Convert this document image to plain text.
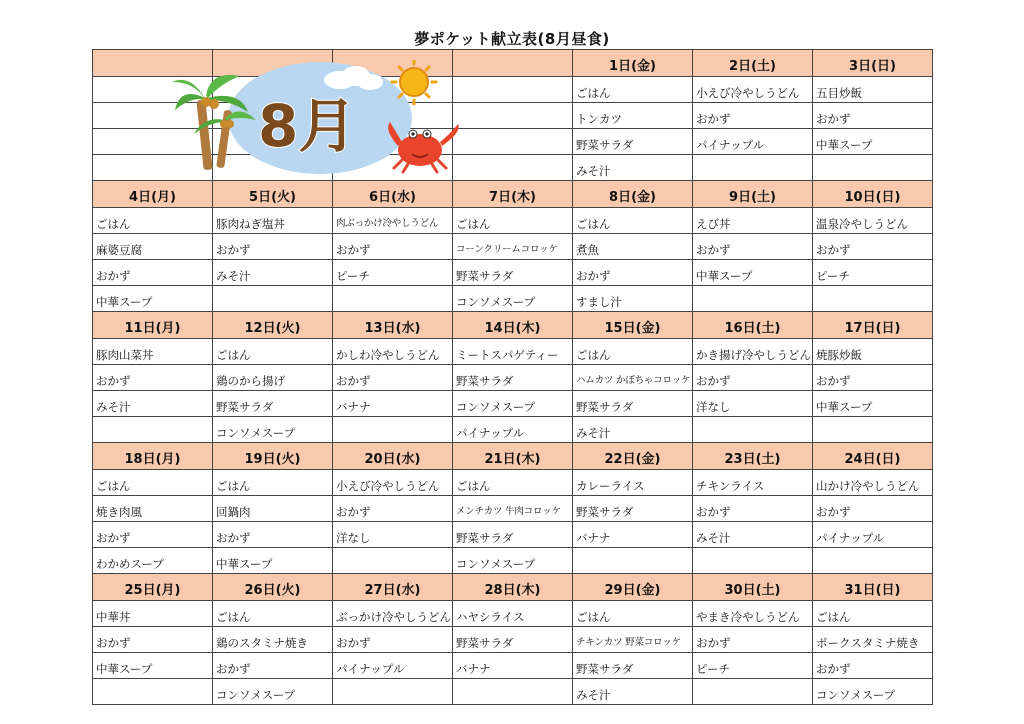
夢ポケット献立表(8月昼食)
				1日(金)	2日(土)	3日(日)
				ごはん	小えび冷やしうどん	五目炒飯
				トンカツ	おかず	おかず
				野菜サラダ	パイナップル	中華スープ
				みそ汁		
4日(月)	5日(火)	6日(水)	7日(木)	8日(金)	9日(土)	10日(日)
ごはん	豚肉ねぎ塩丼	肉ぶっかけ冷やしうどん	ごはん	ごはん	えび丼	温泉冷やしうどん
麻婆豆腐	おかず	おかず	コーンクリームコロッケ	煮魚	おかず	おかず
おかず	みそ汁	ピーチ	野菜サラダ	おかず	中華スープ	ピーチ
中華スープ			コンソメスープ	すまし汁		
11日(月)	12日(火)	13日(水)	14日(木)	15日(金)	16日(土)	17日(日)
豚肉山菜丼	ごはん	かしわ冷やしうどん	ミートスパゲティー	ごはん	かき揚げ冷やしうどん	焼豚炒飯
おかず	鶏のから揚げ	おかず	野菜サラダ	ハムカツ かぼちゃコロッケ	おかず	おかず
みそ汁	野菜サラダ	バナナ	コンソメスープ	野菜サラダ	洋なし	中華スープ
	コンソメスープ		パイナップル	みそ汁		
18日(月)	19日(火)	20日(水)	21日(木)	22日(金)	23日(土)	24日(日)
ごはん	ごはん	小えび冷やしうどん	ごはん	カレーライス	チキンライス	山かけ冷やしうどん
焼き肉風	回鍋肉	おかず	メンチカツ 牛肉コロッケ	野菜サラダ	おかず	おかず
おかず	おかず	洋なし	野菜サラダ	バナナ	みそ汁	パイナップル
わかめスープ	中華スープ		コンソメスープ			
25日(月)	26日(火)	27日(水)	28日(木)	29日(金)	30日(土)	31日(日)
中華丼	ごはん	ぶっかけ冷やしうどん	ハヤシライス	ごはん	やまき冷やしうどん	ごはん
おかず	鶏のスタミナ焼き	おかず	野菜サラダ	チキンカツ 野菜コロッケ	おかず	ポークスタミナ焼き
中華スープ	おかず	パイナップル	バナナ	野菜サラダ	ピーチ	おかず
	コンソメスープ			みそ汁		コンソメスープ
8月
